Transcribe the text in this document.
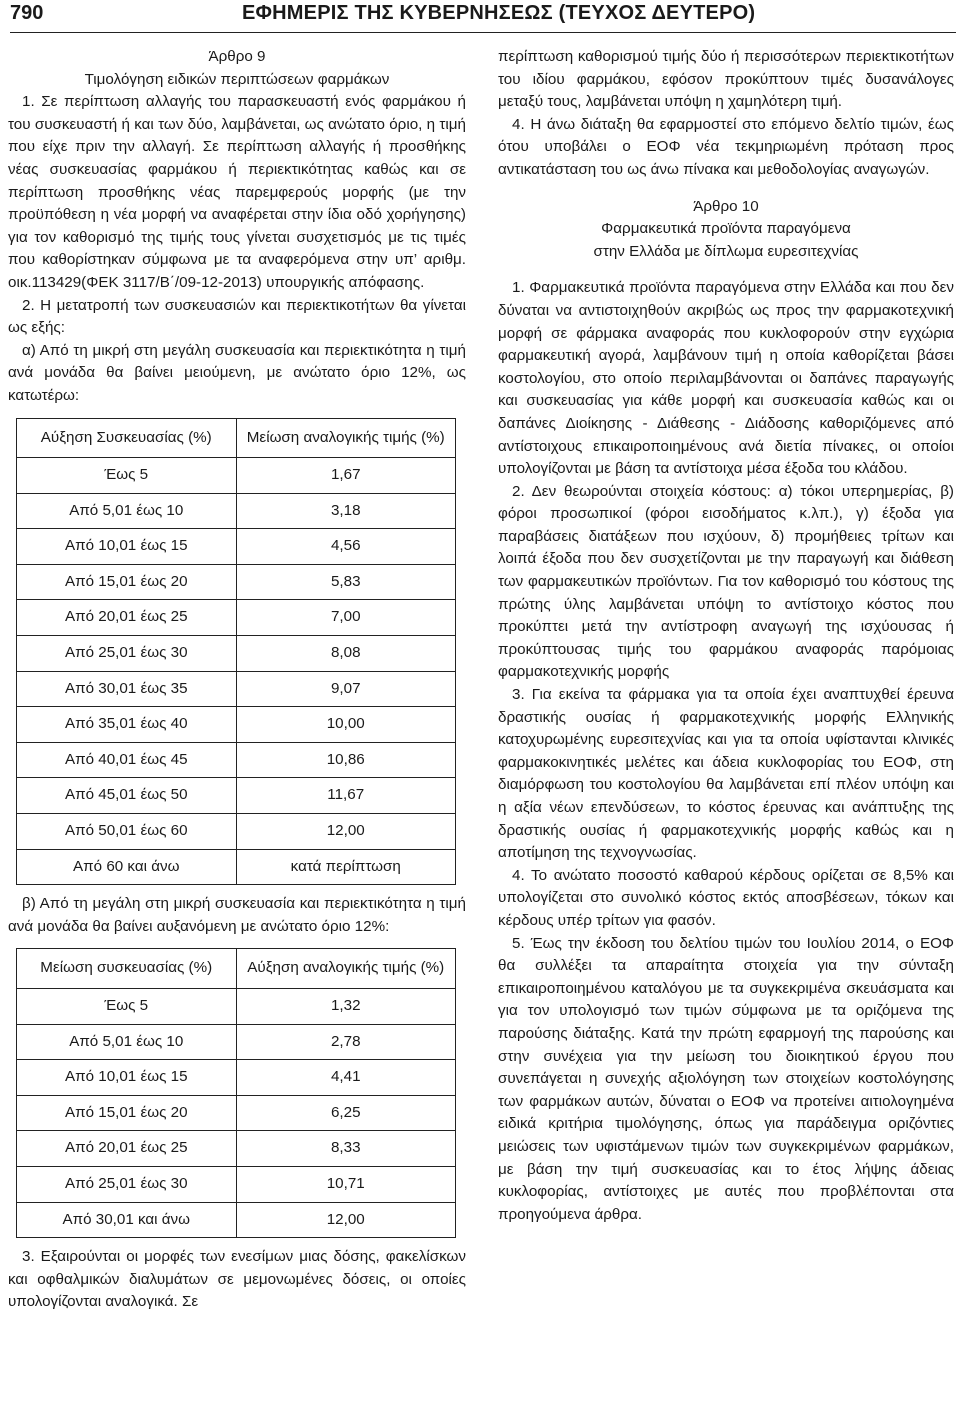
790	ΕΦΗΜΕΡΙΣ ΤΗΣ ΚΥΒΕΡΝΗΣΕΩΣ (ΤΕΥΧΟΣ ΔΕΥΤΕΡΟ)

Άρθρο 9

Τιμολόγηση ειδικών περιπτώσεων φαρμάκων

1. Σε περίπτωση αλλαγής του παρασκευαστή ενός φαρμάκου ή του συσκευαστή ή και των δύο, λαμβάνεται, ως ανώτατο όριο, η τιμή που είχε πριν την αλλαγή. Σε περίπτωση αλλαγής ή προσθήκης νέας συσκευασίας φαρμάκου ή περιεκτικότητας καθώς και σε περίπτωση προσθήκης νέας παρεμφερούς μορφής (με την προϋπόθεση η νέα μορφή να αναφέρεται στην ίδια οδό χορήγησης) για τον καθορισμό της τιμής τους γίνεται συσχετισμός με τις τιμές που καθορίστηκαν σύμφωνα με τα αναφερόμενα στην υπ’ αριθμ. οικ.113429(ΦΕΚ 3117/Β΄/09-12-2013) υπουργικής απόφασης.

2. Η μετατροπή των συσκευασιών και περιεκτικοτήτων θα γίνεται ως εξής:

α) Από τη μικρή στη μεγάλη συσκευασία και περιεκτικότητα η τιμή ανά μονάδα θα βαίνει μειούμενη, με ανώτατο όριο 12%, ως κατωτέρω:

Αύξηση Συσκευασίας (%)	Μείωση αναλογικής τιμής (%)
Έως 5	1,67
Από 5,01 έως 10	3,18
Από 10,01 έως 15	4,56
Από 15,01 έως 20	5,83
Από 20,01 έως 25	7,00
Από 25,01 έως 30	8,08
Από 30,01 έως 35	9,07
Από 35,01 έως 40	10,00
Από 40,01 έως 45	10,86
Από 45,01 έως 50	11,67
Από 50,01 έως 60	12,00
Από 60 και άνω	κατά περίπτωση

β) Από τη μεγάλη στη μικρή συσκευασία και περιεκτικότητα η τιμή ανά μονάδα θα βαίνει αυξανόμενη με ανώτατο όριο 12%:

Μείωση συσκευασίας (%)	Αύξηση αναλογικής τιμής (%)
Έως 5	1,32
Από 5,01 έως 10	2,78
Από 10,01 έως 15	4,41
Από 15,01 έως 20	6,25
Από 20,01 έως 25	8,33
Από 25,01 έως 30	10,71
Από 30,01 και άνω	12,00

3. Εξαιρούνται οι μορφές των ενεσίμων μιας δόσης, φακελίσκων και οφθαλμικών διαλυμάτων σε μεμονωμένες δόσεις, οι οποίες υπολογίζονται αναλογικά. Σε

περίπτωση καθορισμού τιμής δύο ή περισσότερων περιεκτικοτήτων του ιδίου φαρμάκου, εφόσον προκύπτουν τιμές δυσανάλογες μεταξύ τους, λαμβάνεται υπόψη η χαμηλότερη τιμή.

4. Η άνω διάταξη θα εφαρμοστεί στο επόμενο δελτίο τιμών, έως ότου υποβάλει ο ΕΟΦ νέα τεκμηριωμένη πρόταση προς αντικατάσταση του ως άνω πίνακα και μεθοδολογίας αναγωγών.

Άρθρο 10

Φαρμακευτικά προϊόντα παραγόμενα

στην Ελλάδα με δίπλωμα ευρεσιτεχνίας

1. Φαρμακευτικά προϊόντα παραγόμενα στην Ελλάδα και που δεν δύναται να αντιστοιχηθούν ακριβώς ως προς την φαρμακοτεχνική μορφή σε φάρμακα αναφοράς που κυκλοφορούν στην εγχώρια φαρμακευτική αγορά, λαμβάνουν τιμή η οποία καθορίζεται βάσει κοστολογίου, στο οποίο περιλαμβάνονται οι δαπάνες παραγωγής και συσκευασίας για κάθε μορφή και συσκευασία καθώς και οι δαπάνες Διοίκησης - Διάθεσης - Διάδοσης καθοριζόμενες από αντίστοιχους επικαιροποιημένους ανά διετία πίνακες, οι οποίοι υπολογίζονται με βάση τα αντίστοιχα μέσα έξοδα του κλάδου.

2. Δεν θεωρούνται στοιχεία κόστους: α) τόκοι υπερημερίας, β) φόροι προσωπικοί (φόροι εισοδήματος κ.λπ.), γ) έξοδα για παραβάσεις διατάξεων που ισχύουν, δ) προμήθειες τρίτων και λοιπά έξοδα που δεν συσχετίζονται με την παραγωγή και διάθεση των φαρμακευτικών προϊόντων. Για τον καθορισμό του κόστους της πρώτης ύλης λαμβάνεται υπόψη το αντίστοιχο κόστος που προκύπτει μετά την αντίστροφη αναγωγή της ισχύουσας ή προκύπτουσας τιμής του φαρμάκου αναφοράς παρόμοιας φαρμακοτεχνικής μορφής

3. Για εκείνα τα φάρμακα για τα οποία έχει αναπτυχθεί έρευνα δραστικής ουσίας ή φαρμακοτεχνικής μορφής Ελληνικής κατοχυρωμένης ευρεσιτεχνίας και για τα οποία υφίστανται κλινικές φαρμακοκινητικές μελέτες και άδεια κυκλοφορίας του ΕΟΦ, στη διαμόρφωση του κοστολογίου θα λαμβάνεται επί πλέον υπόψη και η αξία νέων επενδύσεων, το κόστος έρευνας και ανάπτυξης της δραστικής ουσίας ή φαρμακοτεχνικής μορφής καθώς και η αποτίμηση της τεχνογνωσίας.

4. Το ανώτατο ποσοστό καθαρού κέρδους ορίζεται σε 8,5% και υπολογίζεται στο συνολικό κόστος εκτός αποσβέσεων, τόκων και κέρδους υπέρ τρίτων για φασόν.

5. Έως την έκδοση του δελτίου τιμών του Ιουλίου 2014, ο ΕΟΦ θα συλλέξει τα απαραίτητα στοιχεία για την σύνταξη επικαιροποιημένου καταλόγου με τα συγκεκριμένα σκευάσματα και για τον υπολογισμό των τιμών σύμφωνα με τα οριζόμενα της παρούσης διάταξης. Κατά την πρώτη εφαρμογή της παρούσης και στην συνέχεια για την μείωση του διοικητικού έργου που συνεπάγεται η συνεχής αξιολόγηση των στοιχείων κοστολόγησης των φαρμάκων αυτών, δύναται ο ΕΟΦ να προτείνει αιτιολογημένα ειδικά κριτήρια τιμολόγησης, όπως για παράδειγμα οριζόντιες μειώσεις των υφιστάμενων τιμών των συγκεκριμένων φαρμάκων, με βάση την τιμή συσκευασίας και το έτος λήψης άδειας κυκλοφορίας, αντίστοιχες με αυτές που προβλέπονται στα προηγούμενα άρθρα.
